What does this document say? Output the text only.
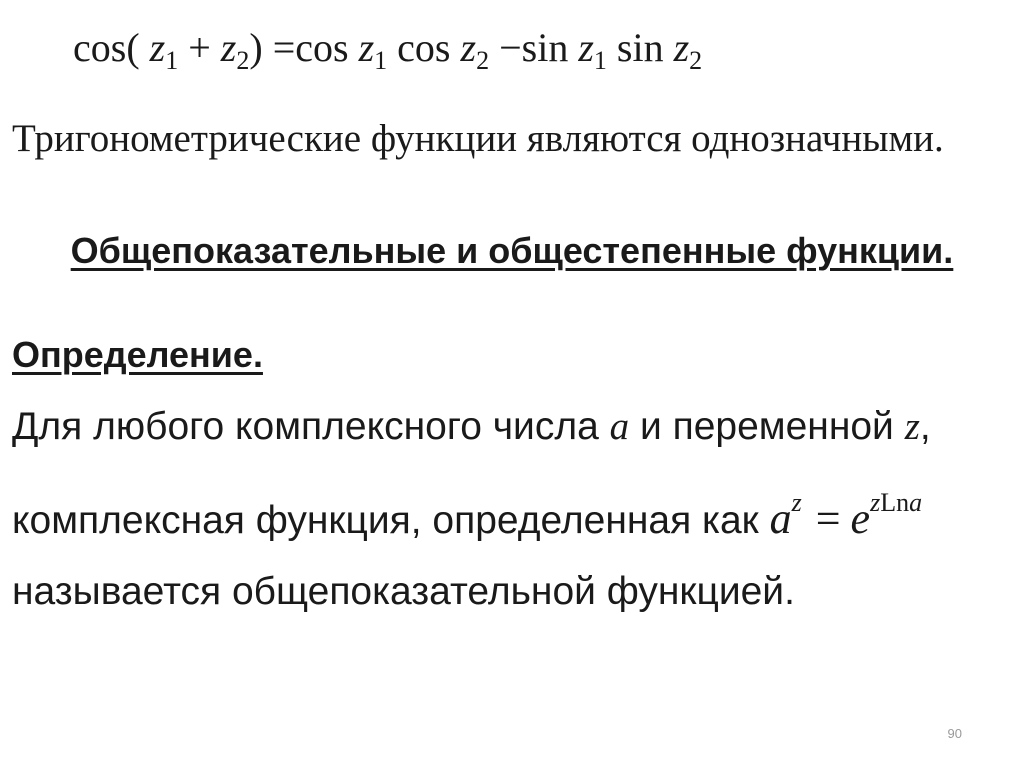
cos( $z_1 + z_2) =\cos$ $z_1$ $\cos z_2 -\sin$ $z_1$ $\sin z_2$
Тригонометрические функции являются однозначными.
Общепоказательные и общестепенные функции.
Определение.
Для любого комплексного числа a и переменной z,
комплексная функция, определенная как $a^z = e^{zLna}$
называется общепоказательной функцией.
90
